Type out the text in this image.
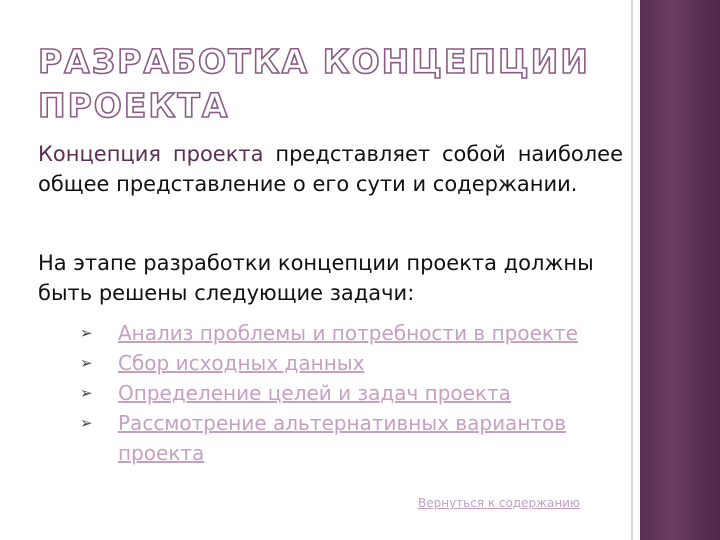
РАЗРАБОТКА КОНЦЕПЦИИ ПРОЕКТА

Концепция проекта представляет собой наиболее общее представление о его сути и содержании.

На этапе разработки концепции проекта должны быть решены следующие задачи:

➢ Анализ проблемы и потребности в проекте
➢ Сбор исходных данных
➢ Определение целей и задач проекта
➢ Рассмотрение альтернативных вариантов проекта
Вернуться к содержанию
